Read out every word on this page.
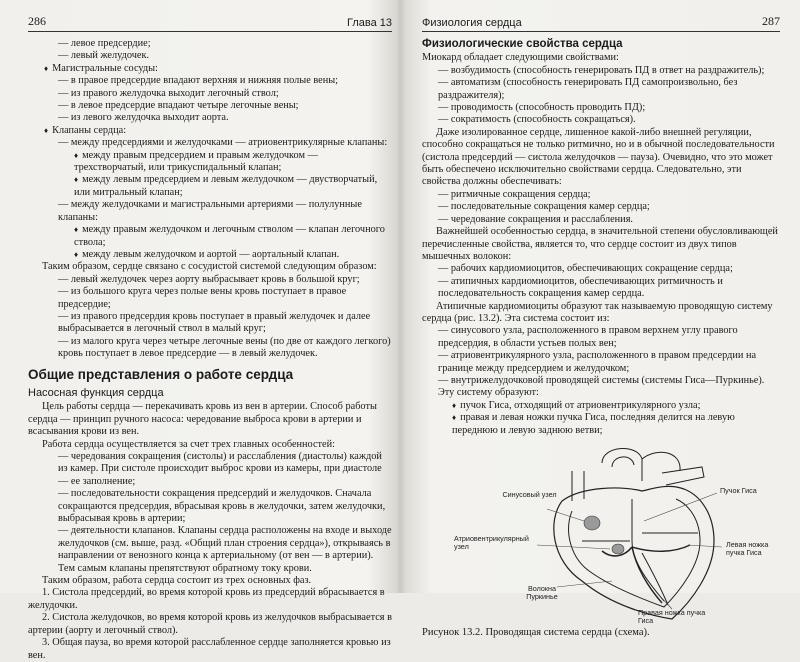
286	Глава 13

— левое предсердие;

— левый желудочек.

♦ Магистральные сосуды:

— в правое предсердие впадают верхняя и нижняя полые вены;

— из правого желудочка выходит легочный ствол;

— в левое предсердие впадают четыре легочные вены;

— из левого желудочка выходит аорта.

♦ Клапаны сердца:

— между предсердиями и желудочками — атриовентрикулярные клапаны:

♦ между правым предсердием и правым желудочком — трехстворчатый, или трикуспидальный клапан;

♦ между левым предсердием и левым желудочком — двустворчатый, или митральный клапан;

— между желудочками и магистральными артериями — полулунные клапаны:

♦ между правым желудочком и легочным стволом — клапан легочного ствола;

♦ между левым желудочком и аортой — аортальный клапан.

Таким образом, сердце связано с сосудистой системой следующим образом:

— левый желудочек через аорту выбрасывает кровь в большой круг;

— из большого круга через полые вены кровь поступает в правое предсердие;

— из правого предсердия кровь поступает в правый желудочек и далее выбрасывается в легочный ствол в малый круг;

— из малого круга через четыре легочные вены (по две от каждого легкого) кровь поступает в левое предсердие — в левый желудочек.

Общие представления о работе сердца
Насосная функция сердца

Цель работы сердца — перекачивать кровь из вен в артерии. Способ работы сердца — принцип ручного насоса: чередование выброса крови в артерии и всасывания крови из вен.

Работа сердца осуществляется за счет трех главных особенностей:

— чередования сокращения (систолы) и расслабления (диастолы) каждой из камер. При систоле происходит выброс крови из камеры, при диастоле — ее заполнение;

— последовательности сокращения предсердий и желудочков. Сначала сокращаются предсердия, вбрасывая кровь в желудочки, затем желудочки, выбрасывая кровь в артерии;

— деятельности клапанов. Клапаны сердца расположены на входе и выходе желудочков (см. выше, разд. «Общий план строения сердца»), открываясь в направлении от венозного конца к артериальному (от вен — в артерии). Тем самым клапаны препятствуют обратному току крови.

Таким образом, работа сердца состоит из трех основных фаз.

1. Систола предсердий, во время которой кровь из предсердий вбрасывается в желудочки.

2. Систола желудочков, во время которой кровь из желудочков выбрасывается в артерии (аорту и легочный ствол).

3. Общая пауза, во время которой расслабленное сердце заполняется кровью из вен.

Физиология сердца	287
Физиологические свойства сердца

Миокард обладает следующими свойствами:

— возбудимость (способность генерировать ПД в ответ на раздражитель);

— автоматизм (способность генерировать ПД самопроизвольно, без раздражителя);

— проводимость (способность проводить ПД);

— сократимость (способность сокращаться).

Даже изолированное сердце, лишенное какой-либо внешней регуляции, способно сокращаться не только ритмично, но и в обычной последовательности (систола предсердий — систола желудочков — пауза). Очевидно, что это может быть обеспечено исключительно свойствами сердца. Следовательно, эти свойства должны обеспечивать:

— ритмичные сокращения сердца;

— последовательные сокращения камер сердца;

— чередование сокращения и расслабления.

Важнейшей особенностью сердца, в значительной степени обусловливающей перечисленные свойства, является то, что сердце состоит из двух типов мышечных волокон:

— рабочих кардиомиоцитов, обеспечивающих сокращение сердца;

— атипичных кардиомиоцитов, обеспечивающих ритмичность и последовательность сокращения камер сердца.

Атипичные кардиомиоциты образуют так называемую проводящую систему сердца (рис. 13.2). Эта система состоит из:

— синусового узла, расположенного в правом верхнем углу правого предсердия, в области устьев полых вен;

— атриовентрикулярного узла, расположенного в правом предсердии на границе между предсердием и желудочком;

— внутрижелудочковой проводящей системы (системы Гиса—Пуркинье). Эту систему образуют:

♦ пучок Гиса, отходящий от атриовентрикулярного узла;

♦ правая и левая ножки пучка Гиса, последняя делится на левую переднюю и левую заднюю ветви;

Синусовый узел	Пучок Гиса
Атриовентрикулярный узел	Левая ножка пучка Гиса
Волокна Пуркинье
Правая ножка пучка Гиса

Рисунок 13.2. Проводящая система сердца (схема).
